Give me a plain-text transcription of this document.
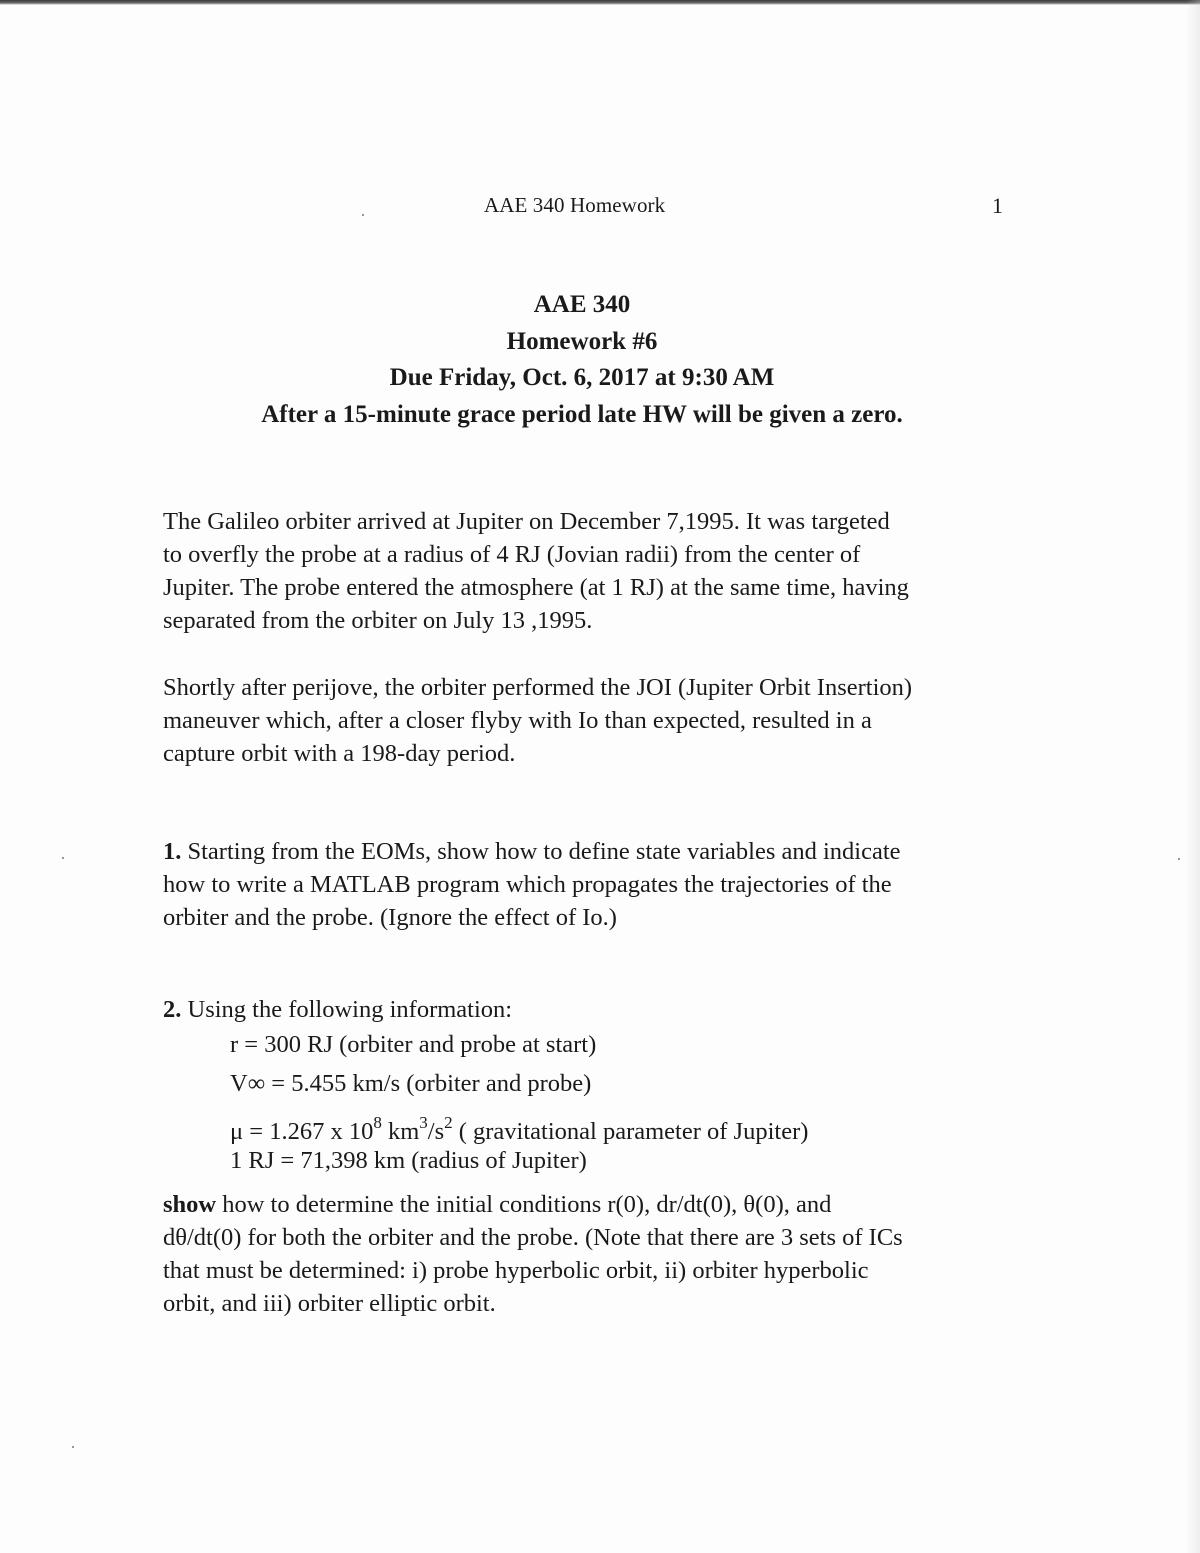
AAE 340 Homework	1
AAE 340
Homework #6
Due Friday, Oct. 6, 2017 at 9:30 AM
After a 15-minute grace period late HW will be given a zero.
The Galileo orbiter arrived at Jupiter on December 7,1995. It was targeted
to overfly the probe at a radius of 4 RJ (Jovian radii) from the center of
Jupiter. The probe entered the atmosphere (at 1 RJ) at the same time, having
separated from the orbiter on July 13 ,1995.
Shortly after perijove, the orbiter performed the JOI (Jupiter Orbit Insertion)
maneuver which, after a closer flyby with Io than expected, resulted in a
capture orbit with a 198-day period.
1. Starting from the EOMs, show how to define state variables and indicate
how to write a MATLAB program which propagates the trajectories of the
orbiter and the probe. (Ignore the effect of Io.)
2. Using the following information:
r = 300 RJ (orbiter and probe at start)
V∞ = 5.455 km/s (orbiter and probe)
μ = 1.267 x $10^8$ $km^3/s^2$ ( gravitational parameter of Jupiter)
1 RJ = 71,398 km (radius of Jupiter)
show how to determine the initial conditions r(0), dr/dt(0), θ(0), and
dθ/dt(0) for both the orbiter and the probe. (Note that there are 3 sets of ICs
that must be determined: i) probe hyperbolic orbit, ii) orbiter hyperbolic
orbit, and iii) orbiter elliptic orbit.
